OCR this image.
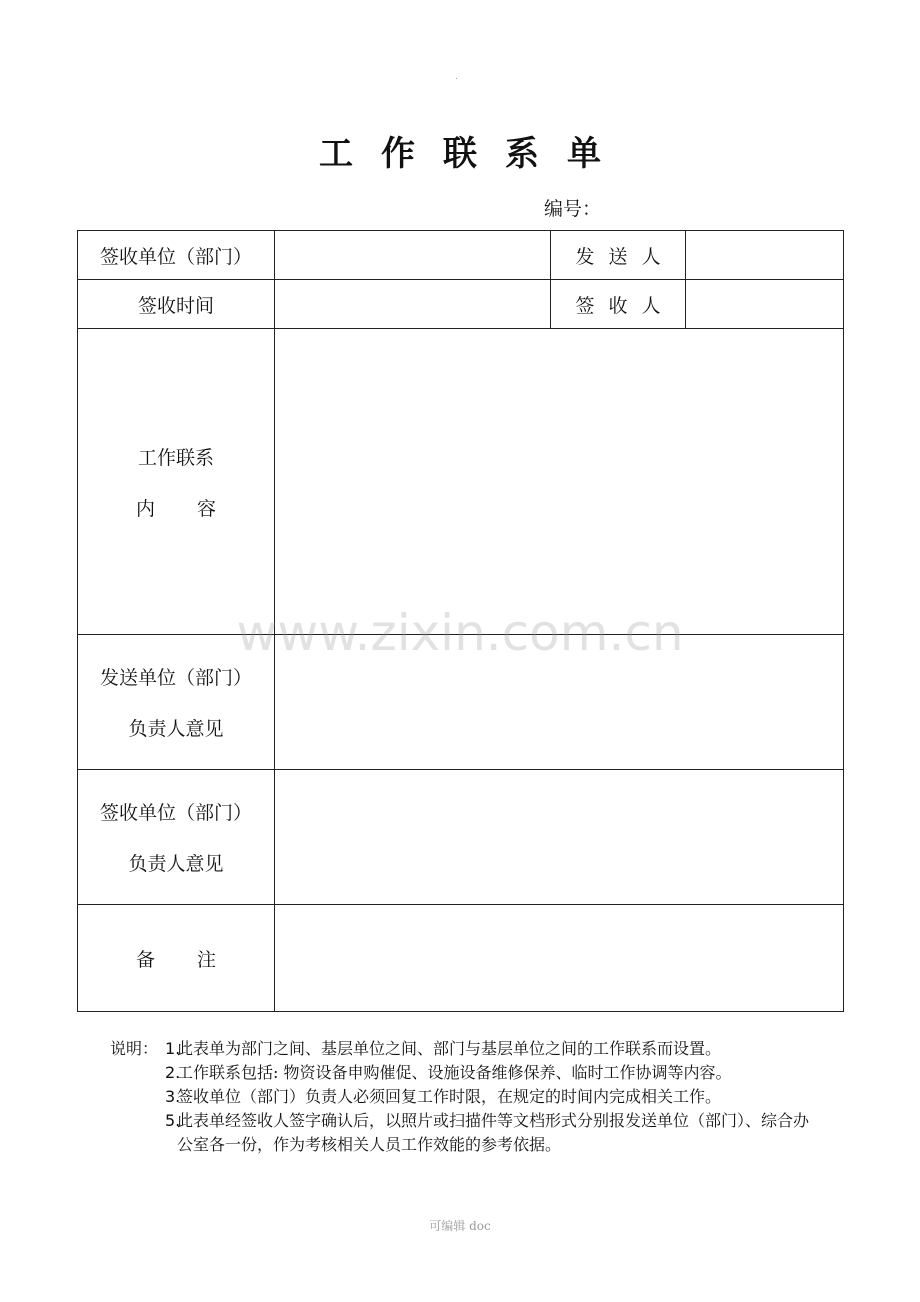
.
工作联系单
编号：
签收单位（部门）		发送人	
签收时间		签收人	

工作联系
内容			

发送单位（部门）
负责人意见			

签收单位（部门）
负责人意见			

备注			
说明： 1.
此表单为部门之间、基层单位之间、部门与基层单位之间的工作联系而设置。
2.
工作联系包括: 物资设备申购催促、设施设备维修保养、临时工作协调等内容。
3.
签收单位（部门）负责人必须回复工作时限，在规定的时间内完成相关工作。
5.
此表单经签收人签字确认后，以照片或扫描件等文档形式分别报发送单位（部门）、综合办公室各一份，作为考核相关人员工作效能的参考依据。
www.zixin.com.cn
可编辑 doc
